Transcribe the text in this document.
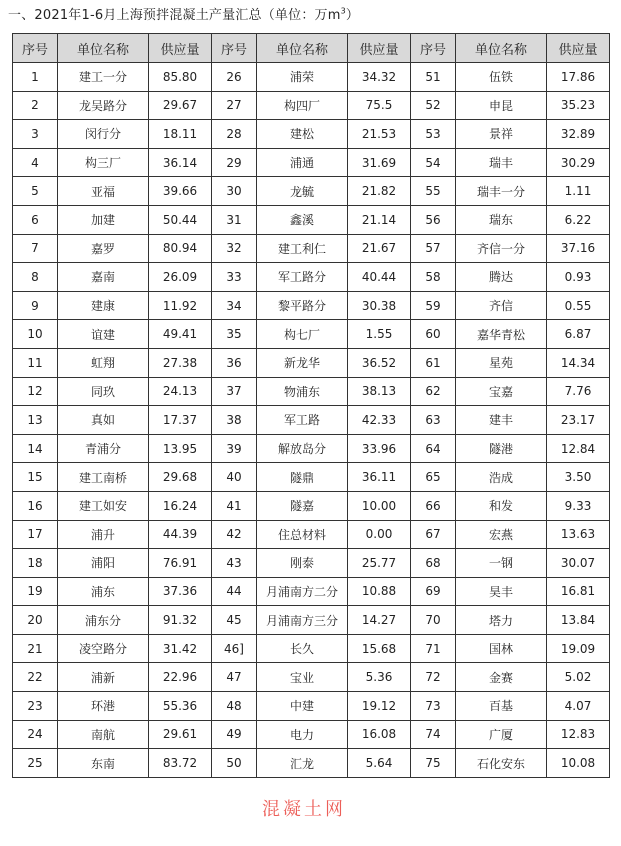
一、2021年1-6月上海预拌混凝土产量汇总（单位：万$m^3$）
序号	单位名称	供应量	序号	单位名称	供应量	序号	单位名称	供应量
1	建工一分	85.80	26	浦荣	34.32	51	伍铁	17.86
2	龙吴路分	29.67	27	构四厂	75.5	52	申昆	35.23
3	闵行分	18.11	28	建松	21.53	53	景祥	32.89
4	构三厂	36.14	29	浦通	31.69	54	瑞丰	30.29
5	亚福	39.66	30	龙毓	21.82	55	瑞丰一分	1.11
6	加建	50.44	31	鑫溪	21.14	56	瑞东	6.22
7	嘉罗	80.94	32	建工利仁	21.67	57	齐信一分	37.16
8	嘉南	26.09	33	军工路分	40.44	58	腾达	0.93
9	建康	11.92	34	黎平路分	30.38	59	齐信	0.55
10	谊建	49.41	35	构七厂	1.55	60	嘉华青松	6.87
11	虹翔	27.38	36	新龙华	36.52	61	星苑	14.34
12	同玖	24.13	37	物浦东	38.13	62	宝嘉	7.76
13	真如	17.37	38	军工路	42.33	63	建丰	23.17
14	青浦分	13.95	39	解放岛分	33.96	64	隧港	12.84
15	建工南桥	29.68	40	隧鼎	36.11	65	浩成	3.50
16	建工如安	16.24	41	隧嘉	10.00	66	和发	9.33
17	浦升	44.39	42	住总材料	0.00	67	宏燕	13.63
18	浦阳	76.91	43	刚泰	25.77	68	一钢	30.07
19	浦东	37.36	44	月浦南方二分	10.88	69	昊丰	16.81
20	浦东分	91.32	45	月浦南方三分	14.27	70	塔力	13.84
21	凌空路分	31.42	46]	长久	15.68	71	国林	19.09
22	浦新	22.96	47	宝业	5.36	72	金赛	5.02
23	环港	55.36	48	中建	19.12	73	百基	4.07
24	南航	29.61	49	电力	16.08	74	广厦	12.83
25	东南	83.72	50	汇龙	5.64	75	石化安东	10.08
混凝土网
